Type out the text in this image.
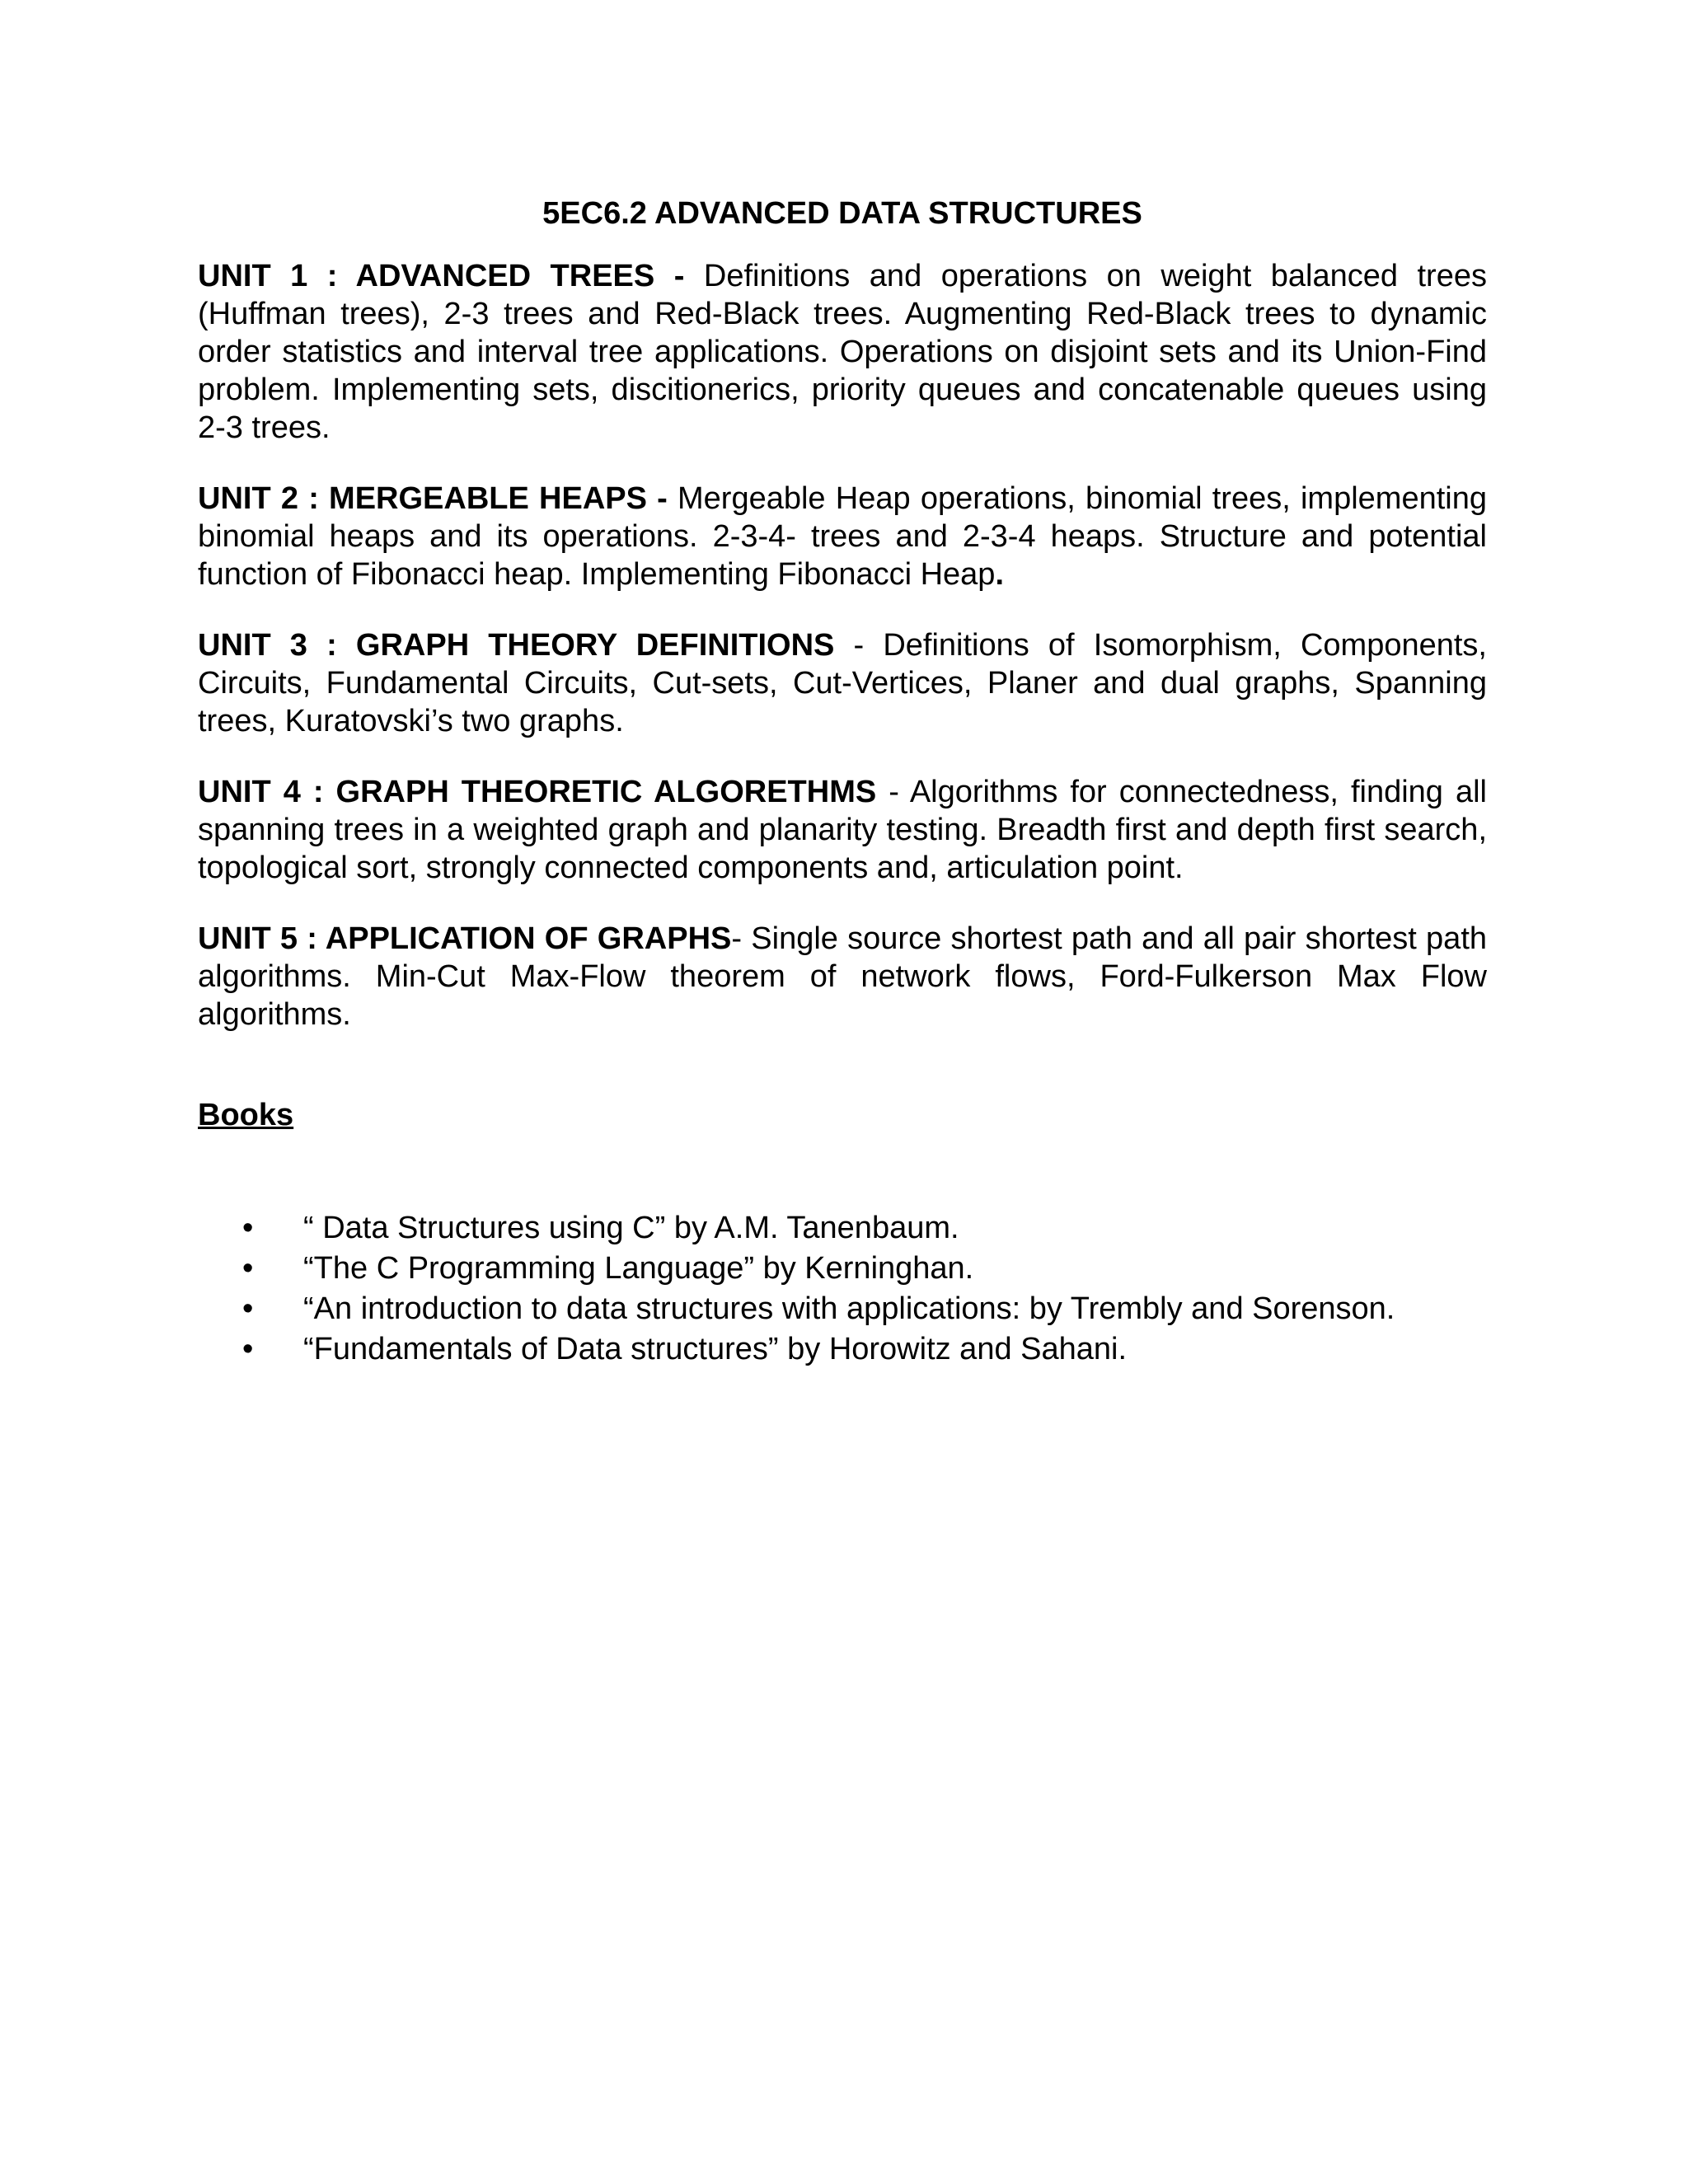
5EC6.2 ADVANCED DATA STRUCTURES

UNIT 1 : ADVANCED TREES - Definitions and operations on weight balanced trees (Huffman trees), 2-3 trees and Red-Black trees. Augmenting Red-Black trees to dynamic order statistics and interval tree applications. Operations on disjoint sets and its Union-Find problem. Implementing sets, discitionerics, priority queues and concatenable queues using 2-3 trees.

UNIT 2 : MERGEABLE HEAPS - Mergeable Heap operations, binomial trees, implementing binomial heaps and its operations. 2-3-4- trees and 2-3-4 heaps. Structure and potential function of Fibonacci heap. Implementing Fibonacci Heap.

UNIT 3 : GRAPH THEORY DEFINITIONS - Definitions of Isomorphism, Components, Circuits, Fundamental Circuits, Cut-sets, Cut-Vertices, Planer and dual graphs, Spanning trees, Kuratovski’s two graphs.

UNIT 4 : GRAPH THEORETIC ALGORETHMS - Algorithms for connectedness, finding all spanning trees in a weighted graph and planarity testing. Breadth first and depth first search, topological sort, strongly connected components and, articulation point.

UNIT 5 : APPLICATION OF GRAPHS- Single source shortest path and all pair shortest path algorithms. Min-Cut Max-Flow theorem of network flows, Ford-Fulkerson Max Flow algorithms.

Books
• “ Data Structures using C” by A.M. Tanenbaum.
• “The C Programming Language” by Kerninghan.
• “An introduction to data structures with applications: by Trembly and Sorenson.
• “Fundamentals of Data structures” by Horowitz and Sahani.
